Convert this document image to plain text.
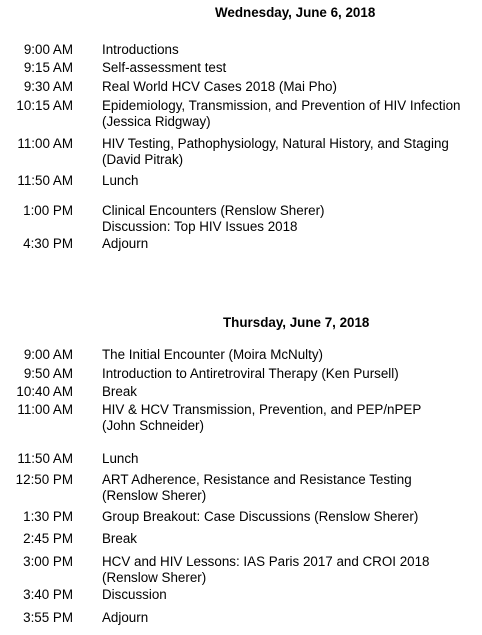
Wednesday, June 6, 2018
9:00 AM Introductions
9:15 AM Self-assessment test
9:30 AM Real World HCV Cases 2018 (Mai Pho)
10:15 AM Epidemiology, Transmission, and Prevention of HIV Infection
(Jessica Ridgway)
11:00 AM HIV Testing, Pathophysiology, Natural History, and Staging
(David Pitrak)
11:50 AM Lunch
1:00 PM Clinical Encounters (Renslow Sherer)
Discussion: Top HIV Issues 2018
4:30 PM Adjourn
Thursday, June 7, 2018
9:00 AM The Initial Encounter (Moira McNulty)
9:50 AM Introduction to Antiretroviral Therapy (Ken Pursell)
10:40 AM Break
11:00 AM HIV & HCV Transmission, Prevention, and PEP/nPEP
(John Schneider)
11:50 AM Lunch
12:50 PM ART Adherence, Resistance and Resistance Testing
(Renslow Sherer)
1:30 PM Group Breakout: Case Discussions (Renslow Sherer)
2:45 PM Break
3:00 PM HCV and HIV Lessons: IAS Paris 2017 and CROI 2018
(Renslow Sherer)
3:40 PM Discussion
3:55 PM Adjourn
